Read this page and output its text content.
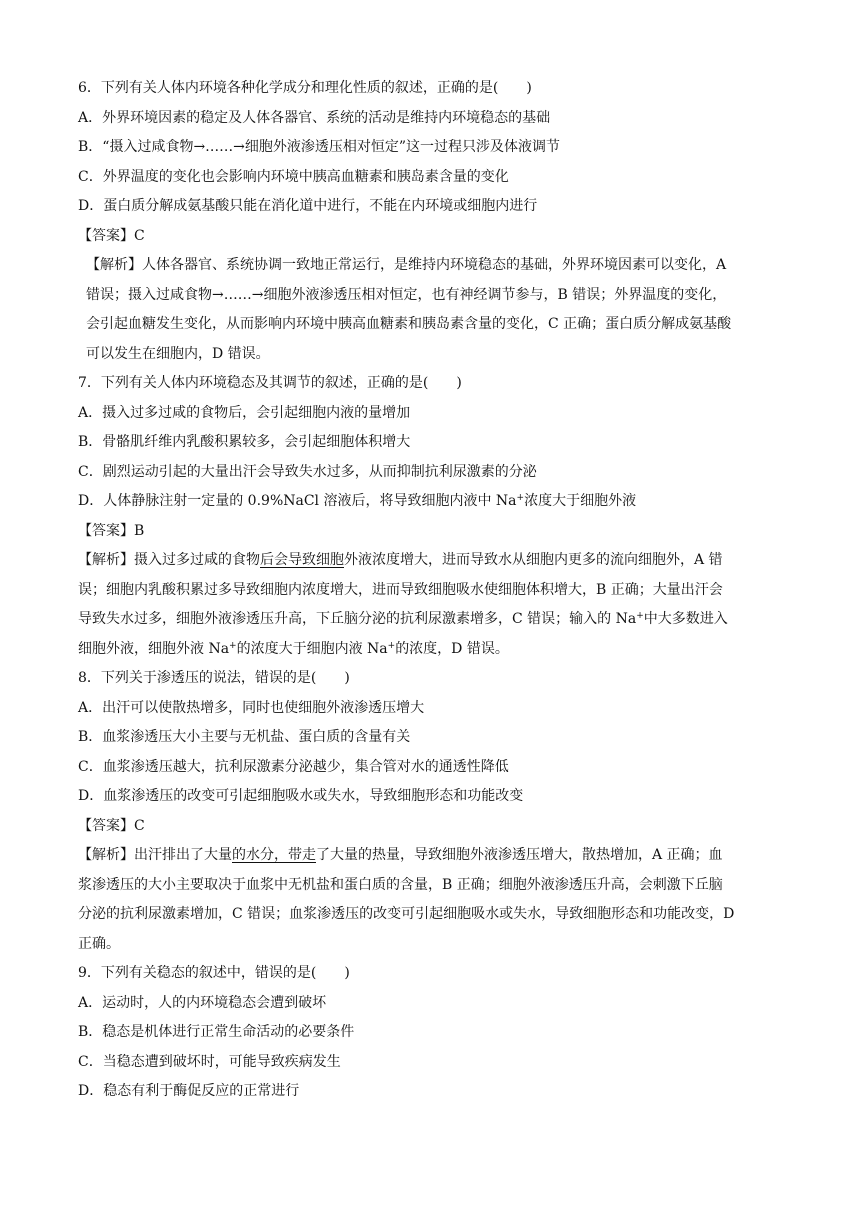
6．下列有关人体内环境各种化学成分和理化性质的叙述，正确的是(　　)

A．外界环境因素的稳定及人体各器官、系统的活动是维持内环境稳态的基础

B．“摄入过咸食物→……→细胞外液渗透压相对恒定”这一过程只涉及体液调节

C．外界温度的变化也会影响内环境中胰高血糖素和胰岛素含量的变化

D．蛋白质分解成氨基酸只能在消化道中进行，不能在内环境或细胞内进行

【答案】C

【解析】人体各器官、系统协调一致地正常运行，是维持内环境稳态的基础，外界环境因素可以变化，A

错误；摄入过咸食物→……→细胞外液渗透压相对恒定，也有神经调节参与，B 错误；外界温度的变化，

会引起血糖发生变化，从而影响内环境中胰高血糖素和胰岛素含量的变化，C 正确；蛋白质分解成氨基酸

可以发生在细胞内，D 错误。

7．下列有关人体内环境稳态及其调节的叙述，正确的是(　　)

A．摄入过多过咸的食物后，会引起细胞内液的量增加

B．骨骼肌纤维内乳酸积累较多，会引起细胞体积增大

C．剧烈运动引起的大量出汗会导致失水过多，从而抑制抗利尿激素的分泌

D．人体静脉注射一定量的 0.9%NaCl 溶液后，将导致细胞内液中 Na+浓度大于细胞外液

【答案】B

【解析】摄入过多过咸的食物后会导致细胞外液浓度增大，进而导致水从细胞内更多的流向细胞外，A 错

误；细胞内乳酸积累过多导致细胞内浓度增大，进而导致细胞吸水使细胞体积增大，B 正确；大量出汗会

导致失水过多，细胞外液渗透压升高，下丘脑分泌的抗利尿激素增多，C 错误；输入的 Na+中大多数进入

细胞外液，细胞外液 Na+的浓度大于细胞内液 Na+的浓度，D 错误。

8．下列关于渗透压的说法，错误的是(　　)

A．出汗可以使散热增多，同时也使细胞外液渗透压增大

B．血浆渗透压大小主要与无机盐、蛋白质的含量有关

C．血浆渗透压越大，抗利尿激素分泌越少，集合管对水的通透性降低

D．血浆渗透压的改变可引起细胞吸水或失水，导致细胞形态和功能改变

【答案】C

【解析】出汗排出了大量的水分，带走了大量的热量，导致细胞外液渗透压增大，散热增加，A 正确；血

浆渗透压的大小主要取决于血浆中无机盐和蛋白质的含量，B 正确；细胞外液渗透压升高，会刺激下丘脑

分泌的抗利尿激素增加，C 错误；血浆渗透压的改变可引起细胞吸水或失水，导致细胞形态和功能改变，D

正确。

9．下列有关稳态的叙述中，错误的是(　　)

A．运动时，人的内环境稳态会遭到破坏

B．稳态是机体进行正常生命活动的必要条件

C．当稳态遭到破坏时，可能导致疾病发生

D．稳态有利于酶促反应的正常进行
